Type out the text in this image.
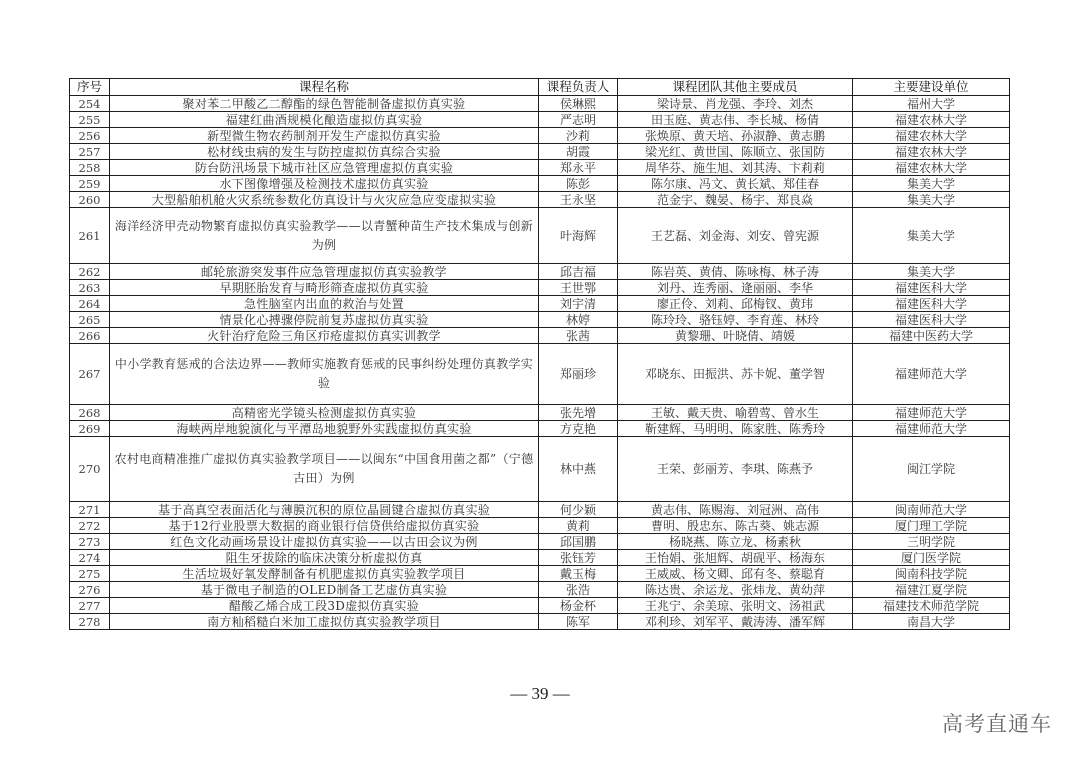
序号	课程名称	课程负责人	课程团队其他主要成员	主要建设单位
254	聚对苯二甲酸乙二醇酯的绿色智能制备虚拟仿真实验	侯琳熙	梁诗景、肖龙强、李玲、刘杰	福州大学
255	福建红曲酒规模化酿造虚拟仿真实验	严志明	田玉庭、黄志伟、李长城、杨倩	福建农林大学
256	新型微生物农药制剂开发生产虚拟仿真实验	沙莉	张焕原、黄天培、孙淑静、黄志鹏	福建农林大学
257	松材线虫病的发生与防控虚拟仿真综合实验	胡霞	梁光红、黄世国、陈顺立、张国防	福建农林大学
258	防台防汛场景下城市社区应急管理虚拟仿真实验	郑永平	周华芬、施生旭、刘其涛、卞莉莉	福建农林大学
259	水下图像增强及检测技术虚拟仿真实验	陈彭	陈尔康、冯文、黄长斌、郑佳春	集美大学
260	大型船舶机舱火灾系统参数化仿真设计与火灾应急应变虚拟实验	王永坚	范金宇、魏晏、杨宇、郑良焱	集美大学
261	海洋经济甲壳动物繁育虚拟仿真实验教学——以青蟹种苗生产技术集成与创新为例	叶海辉	王艺磊、刘金海、刘安、曾宪源	集美大学
262	邮轮旅游突发事件应急管理虚拟仿真实验教学	邱吉福	陈岩英、黄倩、陈咏梅、林子涛	集美大学
263	早期胚胎发育与畸形筛查虚拟仿真实验	王世鄂	刘丹、连秀丽、逄丽丽、李华	福建医科大学
264	急性脑室内出血的救治与处置	刘宇清	廖正伶、刘莉、邱梅钗、黄玮	福建医科大学
265	情景化心搏骤停院前复苏虚拟仿真实验	林婷	陈玲玲、骆钰婷、李育莲、林玲	福建医科大学
266	火针治疗危险三角区疖疮虚拟仿真实训教学	张茜	黄黎珊、叶晓倩、靖媛	福建中医药大学
267	中小学教育惩戒的合法边界——教师实施教育惩戒的民事纠纷处理仿真教学实验	郑丽珍	邓晓东、田振洪、苏卡妮、董学智	福建师范大学
268	高精密光学镜头检测虚拟仿真实验	张先增	王敏、戴天贵、喻碧莺、曾水生	福建师范大学
269	海峡两岸地貌演化与平潭岛地貌野外实践虚拟仿真实验	方克艳	靳建辉、马明明、陈家胜、陈秀玲	福建师范大学
270	农村电商精准推广虚拟仿真实验教学项目——以闽东“中国食用菌之都”（宁德古田）为例	林中燕	王荣、彭丽芳、李琪、陈燕予	闽江学院
271	基于高真空表面活化与薄膜沉积的原位晶圆键合虚拟仿真实验	何少颖	黄志伟、陈赐海、刘冠洲、高伟	闽南师范大学
272	基于12行业股票大数据的商业银行信贷供给虚拟仿真实验	黄莉	曹明、殷忠东、陈古葵、姚志源	厦门理工学院
273	红色文化动画场景设计虚拟仿真实验——以古田会议为例	邱国鹏	杨晓燕、陈立龙、杨素秋	三明学院
274	阻生牙拔除的临床决策分析虚拟仿真	张钰芳	王怡娟、张旭辉、胡砚平、杨海东	厦门医学院
275	生活垃圾好氧发酵制备有机肥虚拟仿真实验教学项目	戴玉梅	王威威、杨文卿、邱有冬、蔡聪育	闽南科技学院
276	基于微电子制造的OLED制备工艺虚仿真实验	张浩	陈达贵、余运龙、张炜龙、黄幼萍	福建江夏学院
277	醋酸乙烯合成工段3D虚拟仿真实验	杨金杯	王兆宁、余美琼、张明文、汤祖武	福建技术师范学院
278	南方籼稻糙白米加工虚拟仿真实验教学项目	陈军	邓利珍、刘军平、戴涛涛、潘军辉	南昌大学
— 39 —
高考直通车
